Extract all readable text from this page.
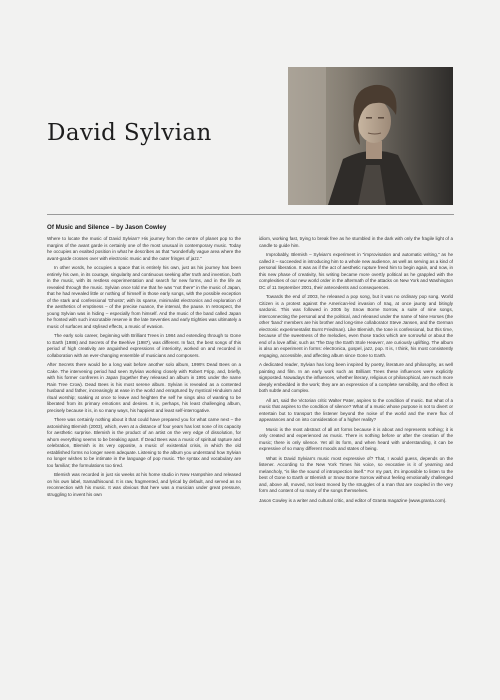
David Sylvian
Of Music and Silence – by Jason Cowley

Where to locate the music of David Sylvian? His journey from the centre of planet pop to the margins of the avant garde is certainly one of the most unusual in contemporary music. Today he occupies an exalted position in what he describes as that "wonderfully vague area where the avant-garde crosses over with electronic music and the outer fringes of jazz."

In other words, he occupies a space that is entirely his own, just as his journey has been entirely his own, in its courage, singularity and continuous seeking after truth and invention, both in the music, with its restless experimentation and search for new forms, and in the life as revealed through the music. Sylvian once told me that he was "not there" in the music of Japan, that he had revealed little or nothing of himself in those early songs, with the possible exception of the stark and confessional 'Ghosts'; with its sparse, minimalist electronics and exploration of the aesthetics of emptiness – of the precise nuance, the interval, the pause. In retrospect, the young Sylvian was in hiding – especially from himself. And the music of the band called Japan he fronted with such inscrutable reserve in the late Seventies and early Eighties was ultimately a music of surfaces and stylised effects, a music of evasion.

The early solo career, beginning with Brilliant Trees in 1984 and extending through to Gone to Earth (1986) and Secrets of the Beehive (1987), was different. In fact, the best songs of this period of high creativity are anguished expressions of interiority, worked on and recorded in collaboration with an ever-changing ensemble of musicians and composers.

After Secrets there would be a long wait before another solo album, 1999's Dead Bees on a Cake. The intervening period had seen Sylvian working closely with Robert Fripp, and, briefly, with his former confreres in Japan (together they released an album in 1991 under the name Rain Tree Crow). Dead Bees is his most serene album. Sylvian is revealed as a contented husband and father, increasingly at ease in the world and enraptured by mystical Hinduism and ritual worship; soaking at once to leave and heighten the self he sings also of wanting to be liberated from its primary emotions and desires. It is, perhaps, his least challenging album, precisely because it is, in so many ways, his happiest and least self-interrogative.

There was certainly nothing about it that could have prepared you for what came next – the astonishing Blemish (2003), which, even at a distance of four years has lost none of its capacity for aesthetic surprise. Blemish is the product of an artist on the very edge of dissolution, for whom everything seems to be breaking apart. If Dead Bees was a music of spiritual rapture and celebration, Blemish is its very opposite, a music of existential crisis, in which the old established forms no longer seem adequate. Listening to the album you understand how Sylvian no longer wishes to be intimate in the language of pop music. The syntax and vocabulary are too familiar; the formulations too tired.

Blemish was recorded in just six weeks at his home studio in New Hampshire and released on his own label, Samadhisound. It is raw, fragmented, and lyrical by default, and served as no reconnection with his music. It was obvious that here was a musician under great pressure, struggling to invent his own

idiom, working fast, trying to break free as he stumbled in the dark with only the fragile light of a candle to guide him.

Improbably, Blemish – Sylvian's experiment in "improvisation and automatic writing," as he called it – succeeded in introducing him to a whole new audience, as well as serving as a kind of personal liberation. It was as if the act of aesthetic rupture freed him to begin again, and now, in this new phase of creativity, his writing became more overtly political as he grappled with the complexities of our new world order in the aftermath of the attacks on New York and Washington DC of 11 September 2001, their antecedents and consequences.

Towards the end of 2003, he released a pop song, but it was no ordinary pop song. World Citizen is a protest against the American-led invasion of Iraq, at once jaunty and bitingly sardonic. This was followed in 2005 by Snow Borne Sorrow, a suite of nine songs, interconnecting the personal and the political, and released under the name of Nine Horses (the other 'band' members are his brother and long-time collaborator Steve Jansen, and the German electronic experimentalist Burnt Friedman). Like Blemish, the tone is confessional, but this time, because of the sweetness of the melodies, even those tracks which are sorrowful or about the end of a love affair, such as 'The Day the Earth Stole Heaven', are curiously uplifting. The album is also an experiment in forms: electronica, gospel, jazz, pop. It is, I think, his most consistently engaging, accessible, and affecting album since Gone to Earth.

A dedicated reader, Sylvian has long been inspired by poetry, literature and philosophy, as well painting and film. In an early work such as Brilliant Trees these influences were explicitly signposted. Nowadays the influences, whether literary, religious or philosophical, are much more deeply embedded in the work; they are an expression of a complete sensibility, and the effect is both subtle and complex.

All art, said the Victorian critic Walter Pater, aspires to the condition of music. But what of a music that aspires to the condition of silence? What of a music whose purpose is not to divert or entertain but to transport the listener beyond the noise of the world and the mere flux of appearances and on into consideration of a higher reality?

Music is the most abstract of all art forms because it is about and represents nothing; it is only created and experienced as music. There is nothing before or after the creation of the music; there is only silence. Yet all its form, and when heard with understanding, it can be expressive of so many different moods and states of being.

What is David Sylvian's music most expressive of? That, I would guess, depends on the listener. According to the New York Times his voice, so evocative is it of yearning and melancholy, "is like the sound of introspection itself." For my part, it's impossible to listen to the best of Gone to Earth or Blemish or Snow Borne Sorrow without feeling emotionally challenged and, above all, moved, not least moved by the struggles of a man that are coupled in the very form and content of so many of the songs themselves.

Jason Cowley is a writer and cultural critic, and editor of Granta magazine (www.granta.com).
